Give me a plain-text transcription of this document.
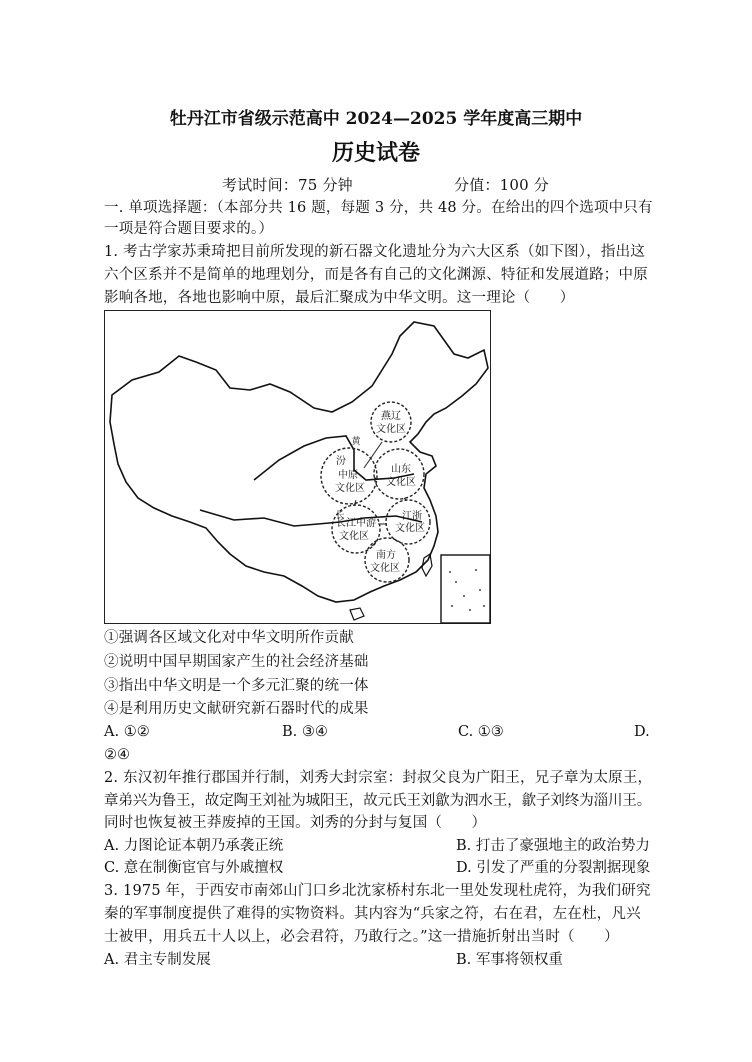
牡丹江市省级示范高中 2024—2025 学年度高三期中
历史试卷
考试时间：75 分钟	分值：100 分
一. 单项选择题：（本部分共 16 题，每题 3 分，共 48 分。在给出的四个选项中只有
一项是符合题目要求的。）
1. 考古学家苏秉琦把目前所发现的新石器文化遗址分为六大区系（如下图），指出这
六个区系并不是简单的地理划分，而是各有自己的文化渊源、特征和发展道路；中原
影响各地，各地也影响中原，最后汇聚成为中华文明。这一理论（　　）
燕辽
文化区
汾
中原
文化区
山东
文化区
长江中游
文化区
江浙
文化区
南方
文化区
黄
长
①强调各区域文化对中华文明所作贡献
②说明中国早期国家产生的社会经济基础
③指出中华文明是一个多元汇聚的统一体
④是利用历史文献研究新石器时代的成果
A. ①②	B. ③④	C. ①③	D.
②④
2. 东汉初年推行郡国并行制，刘秀大封宗室：封叔父良为广阳王，兄子章为太原王，
章弟兴为鲁王，故定陶王刘祉为城阳王，故元氏王刘歙为泗水王，歙子刘终为淄川王。
同时也恢复被王莽废掉的王国。刘秀的分封与复国（　　）
A. 力图论证本朝乃承袭正统	B. 打击了豪强地主的政治势力
C. 意在制衡宦官与外戚擅权	D. 引发了严重的分裂割据现象
3. 1975 年，于西安市南郊山门口乡北沈家桥村东北一里处发现杜虎符，为我们研究
秦的军事制度提供了难得的实物资料。其内容为“兵家之符，右在君，左在杜，凡兴
士被甲，用兵五十人以上，必会君符，乃敢行之。”这一措施折射出当时（　　）
A. 君主专制发展	B. 军事将领权重
